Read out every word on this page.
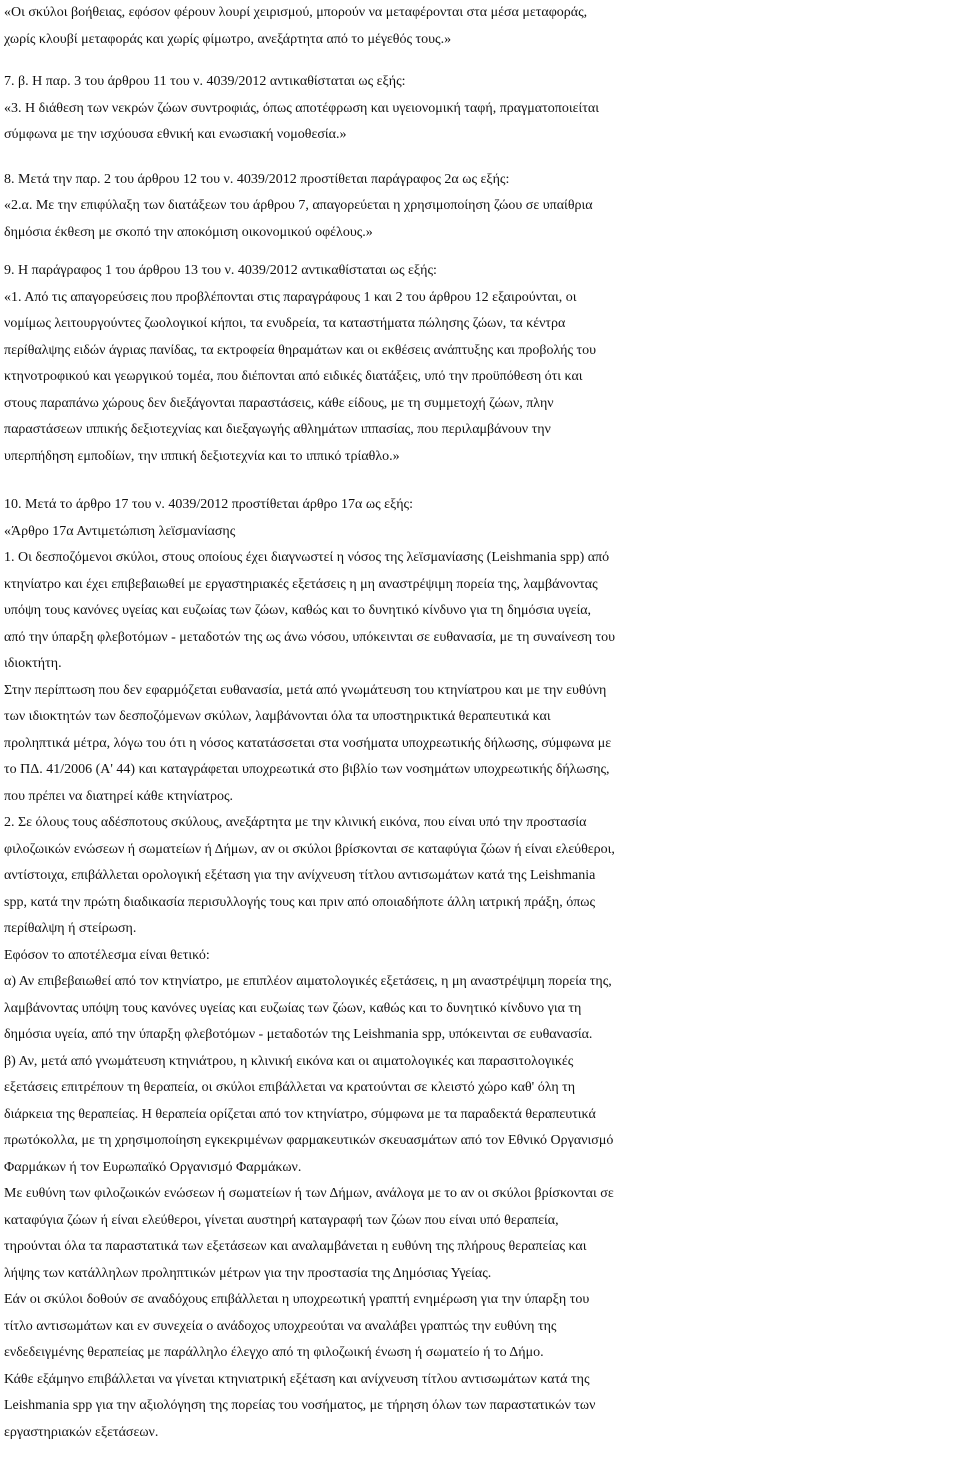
«Οι σκύλοι βοήθειας, εφόσον φέρουν λουρί χειρισμού, μπορούν να μεταφέρονται στα μέσα μεταφοράς,
χωρίς κλουβί μεταφοράς και χωρίς φίμωτρο, ανεξάρτητα από το μέγεθός τους.»
7. β. Η παρ. 3 του άρθρου 11 του ν. 4039/2012 αντικαθίσταται ως εξής:
«3. Η διάθεση των νεκρών ζώων συντροφιάς, όπως αποτέφρωση και υγειονομική ταφή, πραγματοποιείται
σύμφωνα με την ισχύουσα εθνική και ενωσιακή νομοθεσία.»
8. Μετά την παρ. 2 του άρθρου 12 του ν. 4039/2012 προστίθεται παράγραφος 2α ως εξής:
«2.α. Με την επιφύλαξη των διατάξεων του άρθρου 7, απαγορεύεται η χρησιμοποίηση ζώου σε υπαίθρια
δημόσια έκθεση με σκοπό την αποκόμιση οικονομικού οφέλους.»
9. Η παράγραφος 1 του άρθρου 13 του ν. 4039/2012 αντικαθίσταται ως εξής:
«1. Από τις απαγορεύσεις που προβλέπονται στις παραγράφους 1 και 2 του άρθρου 12 εξαιρούνται, οι
νομίμως λειτουργούντες ζωολογικοί κήποι, τα ενυδρεία, τα καταστήματα πώλησης ζώων, τα κέντρα
περίθαλψης ειδών άγριας πανίδας, τα εκτροφεία θηραμάτων και οι εκθέσεις ανάπτυξης και προβολής του
κτηνοτροφικού και γεωργικού τομέα, που διέπονται από ειδικές διατάξεις, υπό την προϋπόθεση ότι και
στους παραπάνω χώρους δεν διεξάγονται παραστάσεις, κάθε είδους, με τη συμμετοχή ζώων, πλην
παραστάσεων ιππικής δεξιοτεχνίας και διεξαγωγής αθλημάτων ιππασίας, που περιλαμβάνουν την
υπερπήδηση εμποδίων, την ιππική δεξιοτεχνία και το ιππικό τρίαθλο.»
10. Μετά το άρθρο 17 του ν. 4039/2012 προστίθεται άρθρο 17α ως εξής:
«Άρθρο 17α Αντιμετώπιση λεϊσμανίασης
1. Οι δεσποζόμενοι σκύλοι, στους οποίους έχει διαγνωστεί η νόσος της λεϊσμανίασης (Leishmania spp) από
κτηνίατρο και έχει επιβεβαιωθεί με εργαστηριακές εξετάσεις η μη αναστρέψιμη πορεία της, λαμβάνοντας
υπόψη τους κανόνες υγείας και ευζωίας των ζώων, καθώς και το δυνητικό κίνδυνο για τη δημόσια υγεία,
από την ύπαρξη φλεβοτόμων - μεταδοτών της ως άνω νόσου, υπόκεινται σε ευθανασία, με τη συναίνεση του
ιδιοκτήτη.
Στην περίπτωση που δεν εφαρμόζεται ευθανασία, μετά από γνωμάτευση του κτηνίατρου και με την ευθύνη
των ιδιοκτητών των δεσποζόμενων σκύλων, λαμβάνονται όλα τα υποστηρικτικά θεραπευτικά και
προληπτικά μέτρα, λόγω του ότι η νόσος κατατάσσεται στα νοσήματα υποχρεωτικής δήλωσης, σύμφωνα με
το ΠΔ. 41/2006 (Α' 44) και καταγράφεται υποχρεωτικά στο βιβλίο των νοσημάτων υποχρεωτικής δήλωσης,
που πρέπει να διατηρεί κάθε κτηνίατρος.
2. Σε όλους τους αδέσποτους σκύλους, ανεξάρτητα με την κλινική εικόνα, που είναι υπό την προστασία
φιλοζωικών ενώσεων ή σωματείων ή Δήμων, αν οι σκύλοι βρίσκονται σε καταφύγια ζώων ή είναι ελεύθεροι,
αντίστοιχα, επιβάλλεται ορολογική εξέταση για την ανίχνευση τίτλου αντισωμάτων κατά της Leishmania
spp, κατά την πρώτη διαδικασία περισυλλογής τους και πριν από οποιαδήποτε άλλη ιατρική πράξη, όπως
περίθαλψη ή στείρωση.
Εφόσον το αποτέλεσμα είναι θετικό:
α) Αν επιβεβαιωθεί από τον κτηνίατρο, με επιπλέον αιματολογικές εξετάσεις, η μη αναστρέψιμη πορεία της,
λαμβάνοντας υπόψη τους κανόνες υγείας και ευζωίας των ζώων, καθώς και το δυνητικό κίνδυνο για τη
δημόσια υγεία, από την ύπαρξη φλεβοτόμων - μεταδοτών της Leishmania spp, υπόκεινται σε ευθανασία.
β) Αν, μετά από γνωμάτευση κτηνιάτρου, η κλινική εικόνα και οι αιματολογικές και παρασιτολογικές
εξετάσεις επιτρέπουν τη θεραπεία, οι σκύλοι επιβάλλεται να κρατούνται σε κλειστό χώρο καθ' όλη τη
διάρκεια της θεραπείας. Η θεραπεία ορίζεται από τον κτηνίατρο, σύμφωνα με τα παραδεκτά θεραπευτικά
πρωτόκολλα, με τη χρησιμοποίηση εγκεκριμένων φαρμακευτικών σκευασμάτων από τον Εθνικό Οργανισμό
Φαρμάκων ή τον Ευρωπαϊκό Οργανισμό Φαρμάκων.
Με ευθύνη των φιλοζωικών ενώσεων ή σωματείων ή των Δήμων, ανάλογα με το αν οι σκύλοι βρίσκονται σε
καταφύγια ζώων ή είναι ελεύθεροι, γίνεται αυστηρή καταγραφή των ζώων που είναι υπό θεραπεία,
τηρούνται όλα τα παραστατικά των εξετάσεων και αναλαμβάνεται η ευθύνη της πλήρους θεραπείας και
λήψης των κατάλληλων προληπτικών μέτρων για την προστασία της Δημόσιας Υγείας.
Εάν οι σκύλοι δοθούν σε αναδόχους επιβάλλεται η υποχρεωτική γραπτή ενημέρωση για την ύπαρξη του
τίτλο αντισωμάτων και εν συνεχεία ο ανάδοχος υποχρεούται να αναλάβει γραπτώς την ευθύνη της
ενδεδειγμένης θεραπείας με παράλληλο έλεγχο από τη φιλοζωική ένωση ή σωματείο ή το Δήμο.
Κάθε εξάμηνο επιβάλλεται να γίνεται κτηνιατρική εξέταση και ανίχνευση τίτλου αντισωμάτων κατά της
Leishmania spp για την αξιολόγηση της πορείας του νοσήματος, με τήρηση όλων των παραστατικών των
εργαστηριακών εξετάσεων.
